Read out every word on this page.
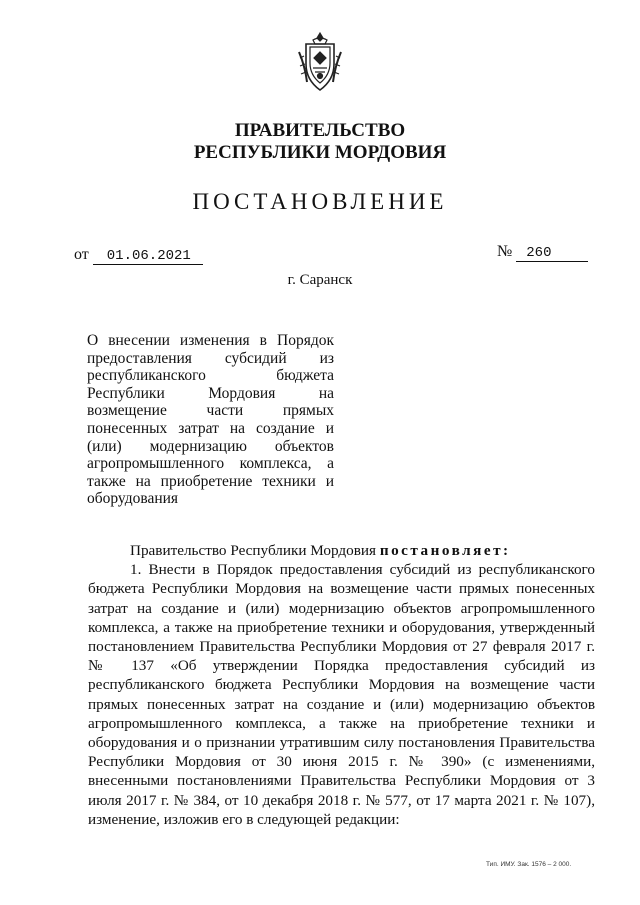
ПРАВИТЕЛЬСТВО
РЕСПУБЛИКИ МОРДОВИЯ
ПОСТАНОВЛЕНИЕ
от 01.06.2021	№ 260
г. Саранск
О внесении изменения в Порядок предоставления субсидий из республиканского бюджета Республики Мордовия на возмещение части прямых понесенных затрат на создание и (или) модернизацию объектов агропромышленного комплекса, а также на приобретение техники и оборудования

Правительство Республики Мордовия постановляет:

1. Внести в Порядок предоставления субсидий из республиканского бюджета Республики Мордовия на возмещение части прямых понесенных затрат на создание и (или) модернизацию объектов агропромышленного комплекса, а также на приобретение техники и оборудования, утвержденный постановлением Правительства Республики Мордовия от 27 февраля 2017 г. № 137 «Об утверждении Порядка предоставления субсидий из республиканского бюджета Республики Мордовия на возмещение части прямых понесенных затрат на создание и (или) модернизацию объектов агропромышленного комплекса, а также на приобретение техники и оборудования и о признании утратившим силу постановления Правительства Республики Мордовия от 30 июня 2015 г. № 390» (с изменениями, внесенными постановлениями Правительства Республики Мордовия от 3 июля 2017 г. № 384, от 10 декабря 2018 г. № 577, от 17 марта 2021 г. № 107), изменение, изложив его в следующей редакции:

Тип. ИМУ. Зак. 1576 – 2 000.
